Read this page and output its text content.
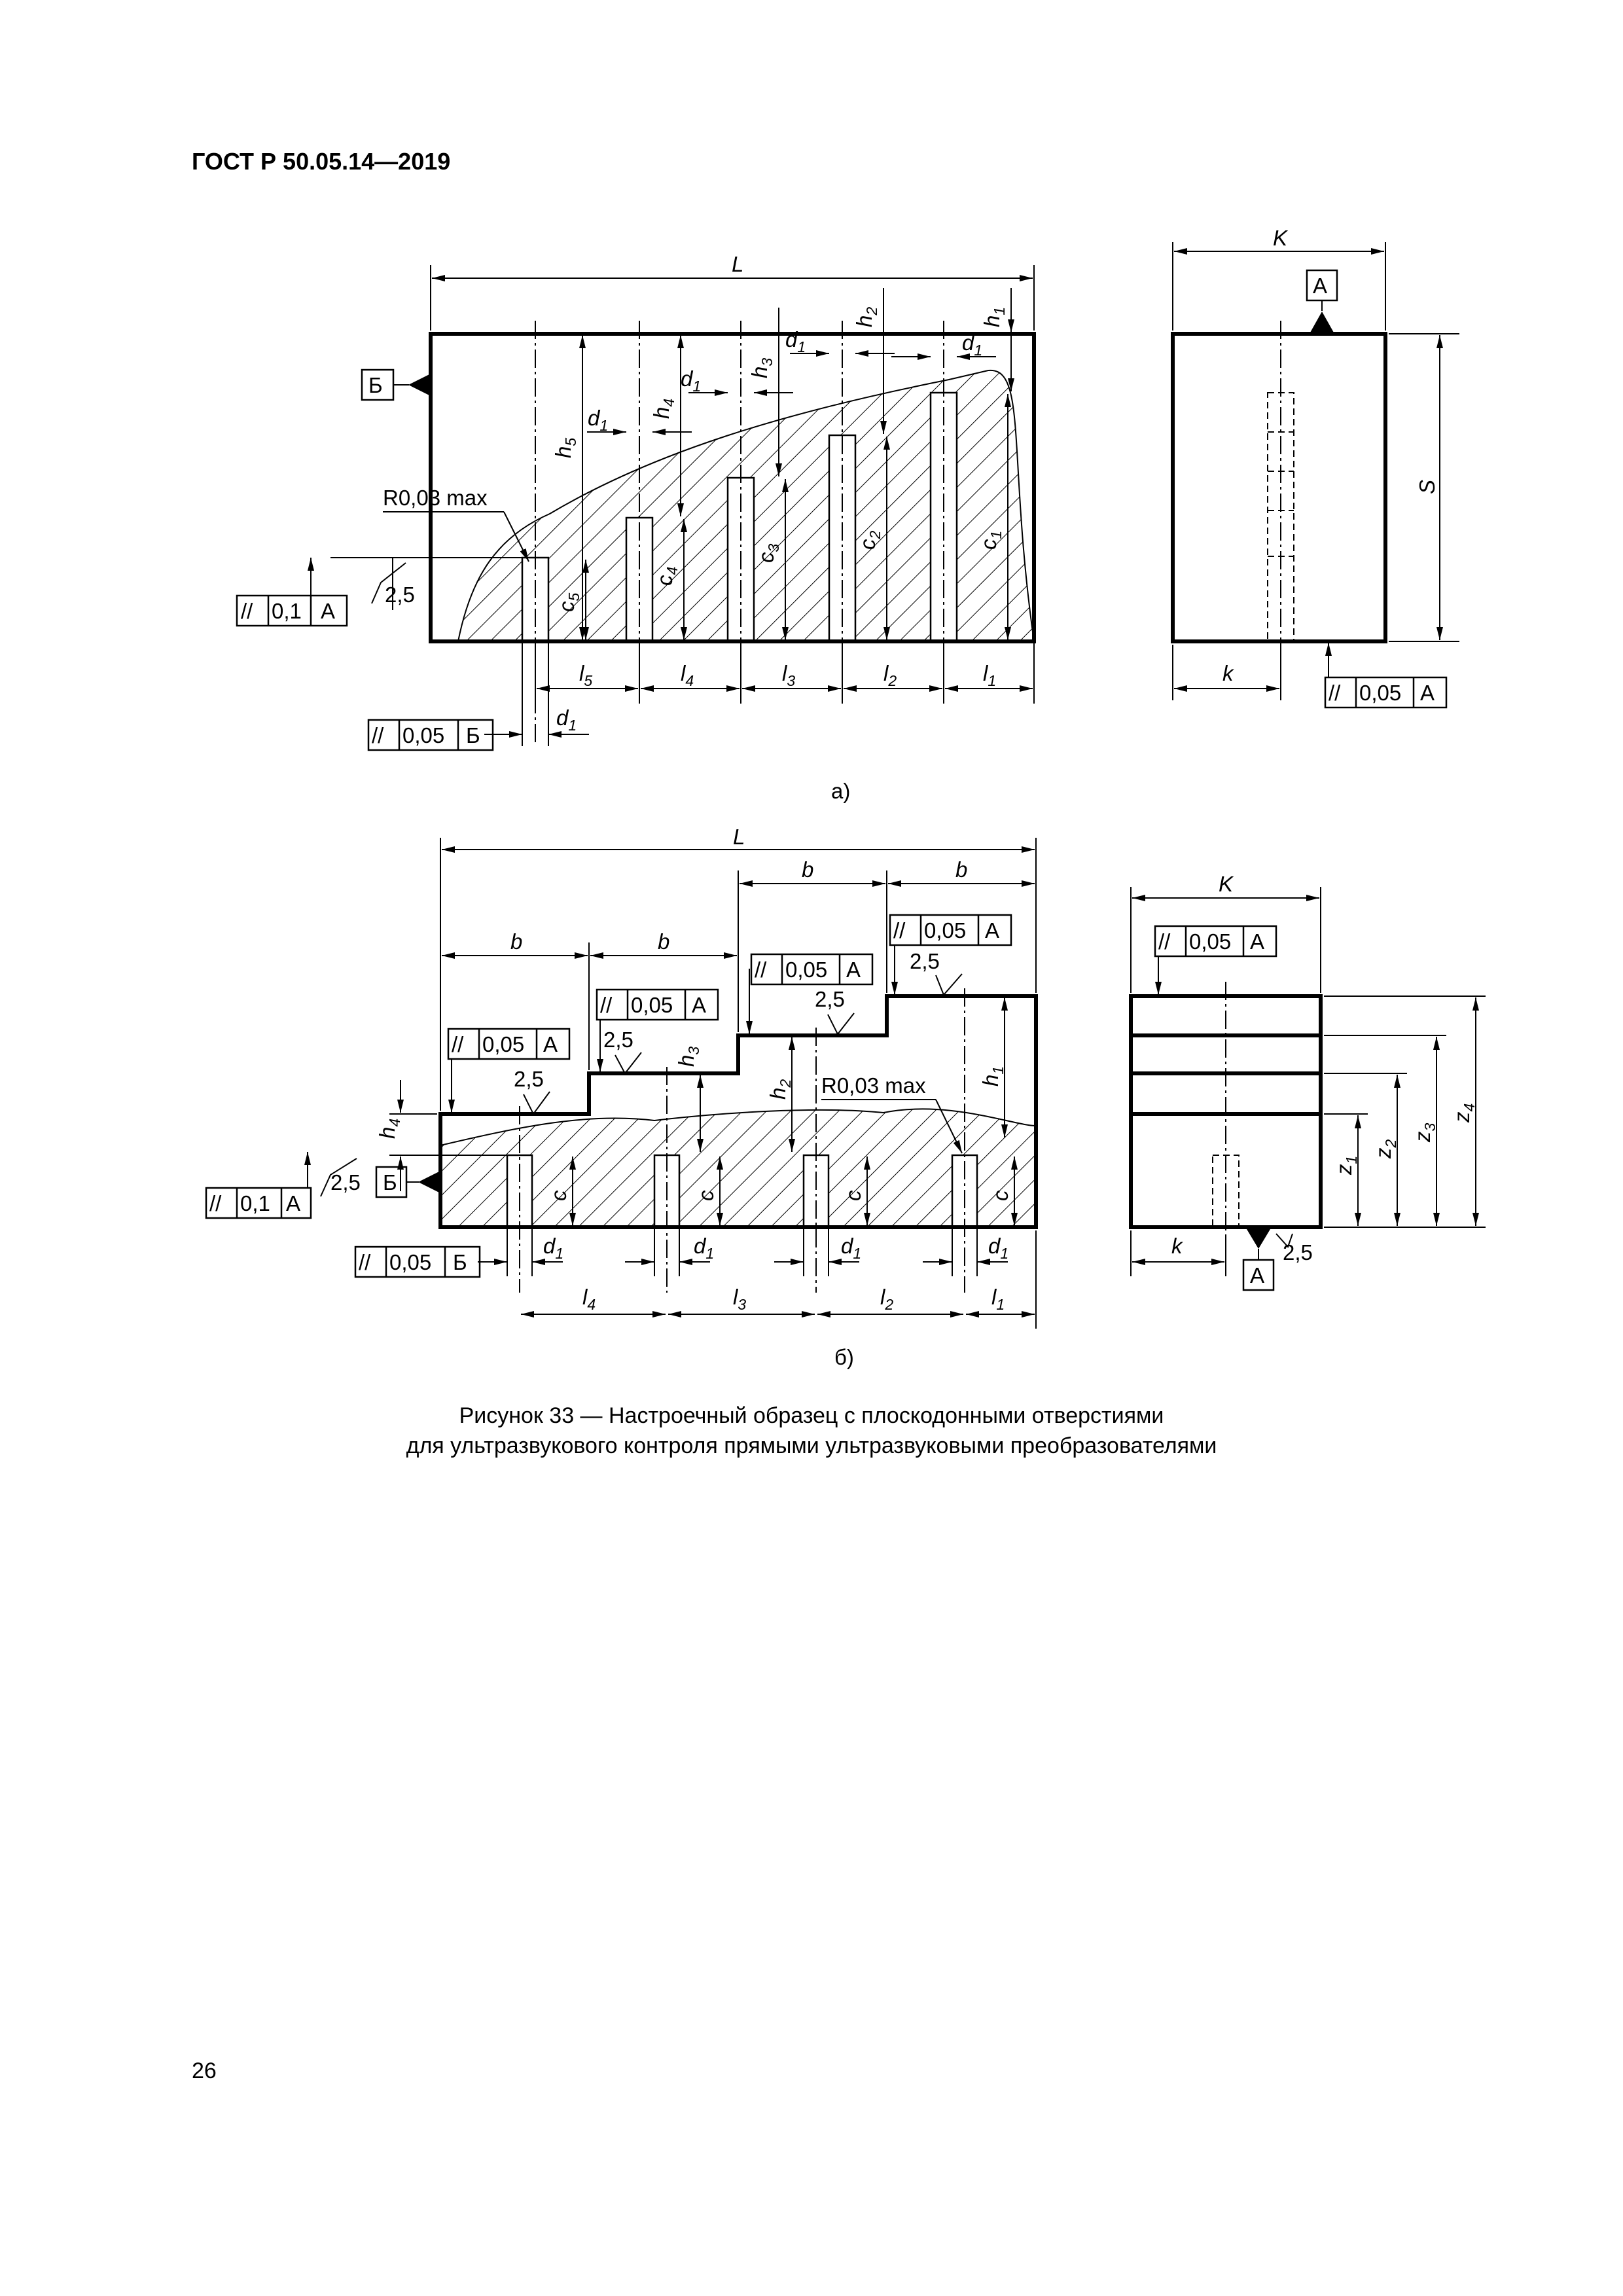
ГОСТ Р 50.05.14—2019
L
$h_5$
$h_4$
$h_3$
$h_2$
$h_1$
$c_5$
$c_4$
$c_3$	$c_2$
$c_1$
$d_1$
$d_1$
$d_1$	$d_1$
R0,03 max
2,5
// 0,1 А
Б
$l_5$	$l_4$	$l_3$	$l_2$	$l_1$
$d_1$
// 0,05 Б
K
А
S
k
// 0,05 А
а)
L
b	b
b	b	// 0,05 А
// 0,05 А
// 0,05 А
// 0,05 А
2,5
2,5
2,5
2,5	$h_1$
$h_2$
$h_3$
$h_4$
R0,03 max
c	c	c	c
Б
2,5
// 0,1 А
$d_1$	$d_1$	$d_1$	$d_1$
// 0,05 Б
$l_4$	$l_3$	$l_2$	$l_1$
K
// 0,05 А
$z_1$
$z_2$
$z_3$
$z_4$
k
А
2,5
б)
Рисунок 33 — Настроечный образец с плоскодонными отверстиями
для ультразвукового контроля прямыми ультразвуковыми преобразователями
26
